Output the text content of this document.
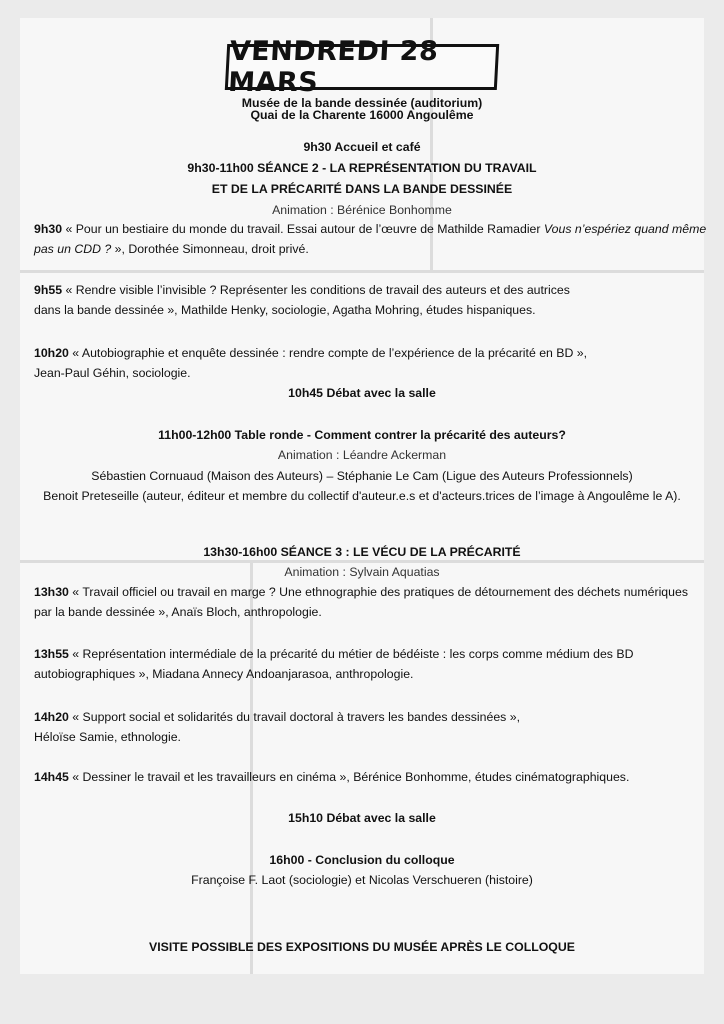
VENDREDI 28 MARS
Musée de la bande dessinée (auditorium)
Quai de la Charente 16000 Angoulême
9h30 Accueil et café
9h30-11h00 SÉANCE 2 - LA REPRÉSENTATION DU TRAVAIL
ET DE LA PRÉCARITÉ DANS LA BANDE DESSINÉE
Animation : Bérénice Bonhomme
9h30 « Pour un bestiaire du monde du travail. Essai autour de l’œuvre de Mathilde Ramadier Vous n’espériez quand même
pas un CDD ? », Dorothée Simonneau, droit privé.
9h55 « Rendre visible l’invisible ? Représenter les conditions de travail des auteurs et des autrices
dans la bande dessinée », Mathilde Henky, sociologie, Agatha Mohring, études hispaniques.
10h20 « Autobiographie et enquête dessinée : rendre compte de l’expérience de la précarité en BD »,
Jean-Paul Géhin, sociologie.
10h45 Débat avec la salle
11h00-12h00 Table ronde - Comment contrer la précarité des auteurs?
Animation : Léandre Ackerman
Sébastien Cornuaud (Maison des Auteurs) – Stéphanie Le Cam (Ligue des Auteurs Professionnels)
Benoit Preteseille (auteur, éditeur et membre du collectif d'auteur.e.s et d'acteurs.trices de l’image à Angoulême le A).
13h30-16h00 SÉANCE 3 : LE VÉCU DE LA PRÉCARITÉ
Animation : Sylvain Aquatias
13h30 « Travail officiel ou travail en marge ? Une ethnographie des pratiques de détournement des déchets numériques
par la bande dessinée », Anaïs Bloch, anthropologie.
13h55 « Représentation intermédiale de la précarité du métier de bédéiste : les corps comme médium des BD
autobiographiques », Miadana Annecy Andoanjarasoa, anthropologie.
14h20 « Support social et solidarités du travail doctoral à travers les bandes dessinées »,
Héloïse Samie, ethnologie.
14h45 « Dessiner le travail et les travailleurs en cinéma », Bérénice Bonhomme, études cinématographiques.
15h10 Débat avec la salle
16h00 - Conclusion du colloque
Françoise F. Laot (sociologie) et Nicolas Verschueren (histoire)
VISITE POSSIBLE DES EXPOSITIONS DU MUSÉE APRÈS LE COLLOQUE
